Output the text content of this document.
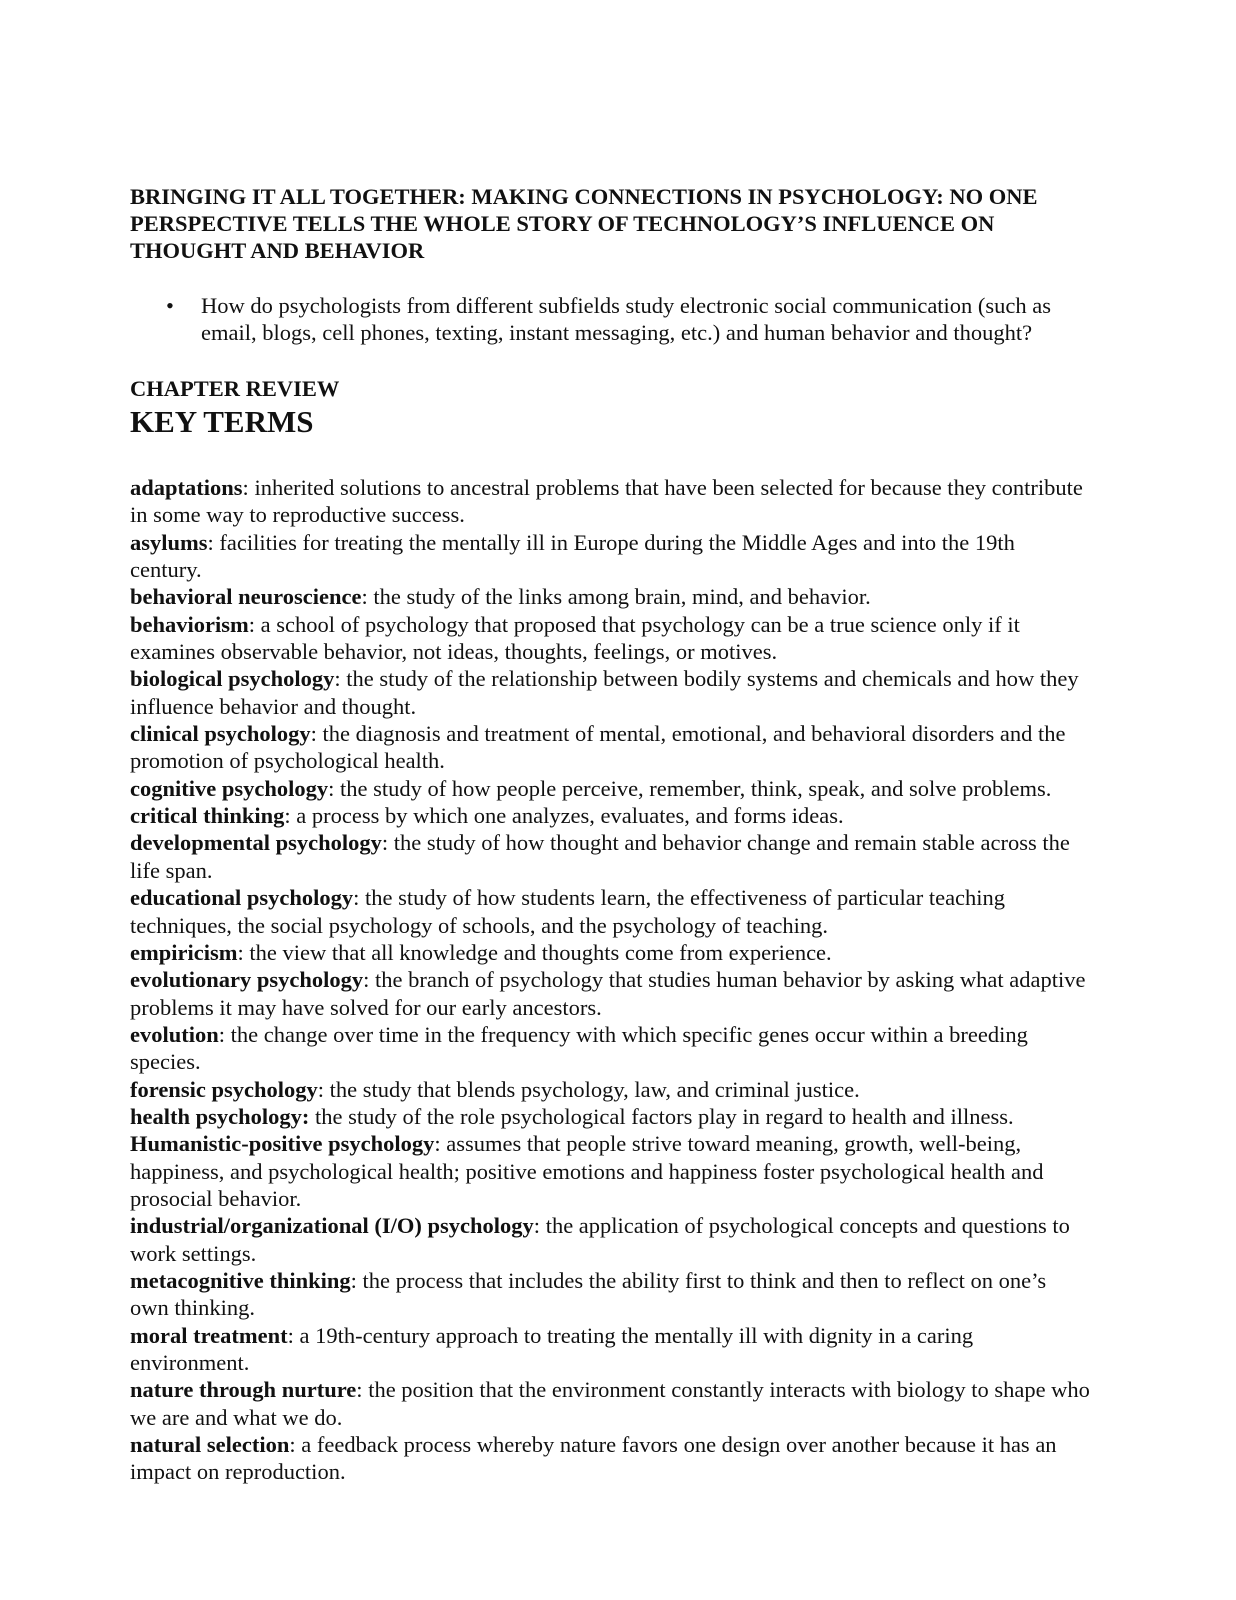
BRINGING IT ALL TOGETHER: MAKING CONNECTIONS IN PSYCHOLOGY: NO ONE PERSPECTIVE TELLS THE WHOLE STORY OF TECHNOLOGY’S INFLUENCE ON THOUGHT AND BEHAVIOR
• How do psychologists from different subfields study electronic social communication (such as email, blogs, cell phones, texting, instant messaging, etc.) and human behavior and thought?
CHAPTER REVIEW
KEY TERMS

adaptations: inherited solutions to ancestral problems that have been selected for because they contribute in some way to reproductive success.

asylums: facilities for treating the mentally ill in Europe during the Middle Ages and into the 19th century.

behavioral neuroscience: the study of the links among brain, mind, and behavior.

behaviorism: a school of psychology that proposed that psychology can be a true science only if it examines observable behavior, not ideas, thoughts, feelings, or motives.

biological psychology: the study of the relationship between bodily systems and chemicals and how they influence behavior and thought.

clinical psychology: the diagnosis and treatment of mental, emotional, and behavioral disorders and the promotion of psychological health.

cognitive psychology: the study of how people perceive, remember, think, speak, and solve problems.

critical thinking: a process by which one analyzes, evaluates, and forms ideas.

developmental psychology: the study of how thought and behavior change and remain stable across the life span.

educational psychology: the study of how students learn, the effectiveness of particular teaching techniques, the social psychology of schools, and the psychology of teaching.

empiricism: the view that all knowledge and thoughts come from experience.

evolutionary psychology: the branch of psychology that studies human behavior by asking what adaptive problems it may have solved for our early ancestors.

evolution: the change over time in the frequency with which specific genes occur within a breeding species.

forensic psychology: the study that blends psychology, law, and criminal justice.

health psychology: the study of the role psychological factors play in regard to health and illness.

Humanistic-positive psychology: assumes that people strive toward meaning, growth, well-being, happiness, and psychological health; positive emotions and happiness foster psychological health and prosocial behavior.

industrial/organizational (I/O) psychology: the application of psychological concepts and questions to work settings.

metacognitive thinking: the process that includes the ability first to think and then to reflect on one’s own thinking.

moral treatment: a 19th-century approach to treating the mentally ill with dignity in a caring environment.

nature through nurture: the position that the environment constantly interacts with biology to shape who we are and what we do.

natural selection: a feedback process whereby nature favors one design over another because it has an impact on reproduction.
